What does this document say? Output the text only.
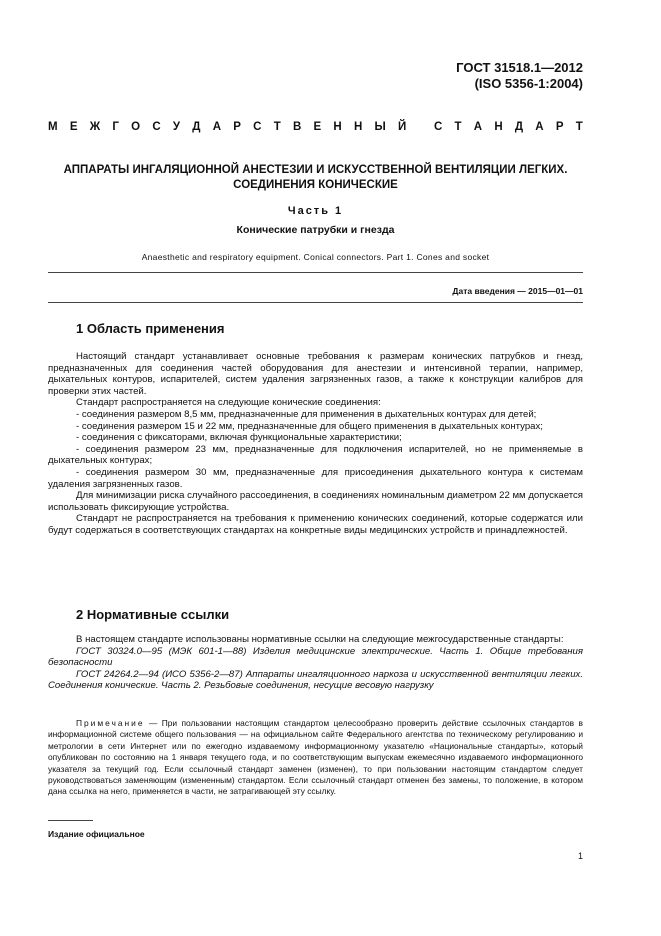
ГОСТ 31518.1—2012
(ISO 5356-1:2004)
М Е Ж Г О С У Д А Р С Т В Е Н Н Ы Й
С Т А Н Д А Р Т
АППАРАТЫ ИНГАЛЯЦИОННОЙ АНЕСТЕЗИИ И ИСКУССТВЕННОЙ ВЕНТИЛЯЦИИ ЛЕГКИХ.
СОЕДИНЕНИЯ КОНИЧЕСКИЕ
Часть 1
Конические патрубки и гнезда
Anaesthetic and respiratory equipment. Conical connectors. Part 1. Cones and socket
Дата введения — 2015—01—01
1 Область применения

Настоящий стандарт устанавливает основные требования к размерам конических патрубков и гнезд, предназначенных для соединения частей оборудования для анестезии и интенсивной терапии, например, дыхательных контуров, испарителей, систем удаления загрязненных газов, а также к конструкции калибров для проверки этих частей.

Стандарт распространяется на следующие конические соединения:

- соединения размером 8,5 мм, предназначенные для применения в дыхательных контурах для детей;

- соединения размером 15 и 22 мм, предназначенные для общего применения в дыхательных контурах;

- соединения с фиксаторами, включая функциональные характеристики;

- соединения размером 23 мм, предназначенные для подключения испарителей, но не применяемые в дыхательных контурах;

- соединения размером 30 мм, предназначенные для присоединения дыхательного контура к системам удаления загрязненных газов.

Для минимизации риска случайного рассоединения, в соединениях номинальным диаметром 22 мм допускается использовать фиксирующие устройства.

Стандарт не распространяется на требования к применению конических соединений, которые содержатся или будут содержаться в соответствующих стандартах на конкретные виды медицинских устройств и принадлежностей.

2 Нормативные ссылки

В настоящем стандарте использованы нормативные ссылки на следующие межгосударственные стандарты:

ГОСТ 30324.0—95 (МЭК 601-1—88) Изделия медицинские электрические. Часть 1. Общие требования безопасности

ГОСТ 24264.2—94 (ИСО 5356-2—87) Аппараты ингаляционного наркоза и искусственной вентиляции легких. Соединения конические. Часть 2. Резьбовые соединения, несущие весовую нагрузку

Примечание — При пользовании настоящим стандартом целесообразно проверить действие ссылочных стандартов в информационной системе общего пользования — на официальном сайте Федерального агентства по техническому регулированию и метрологии в сети Интернет или по ежегодно издаваемому информационному указателю «Национальные стандарты», который опубликован по состоянию на 1 января текущего года, и по соответствующим выпускам ежемесячно издаваемого информационного указателя за текущий год. Если ссылочный стандарт заменен (изменен), то при пользовании настоящим стандартом следует руководствоваться заменяющим (измененным) стандартом. Если ссылочный стандарт отменен без замены, то положение, в котором дана ссылка на него, применяется в части, не затрагивающей эту ссылку.

Издание официальное
1
